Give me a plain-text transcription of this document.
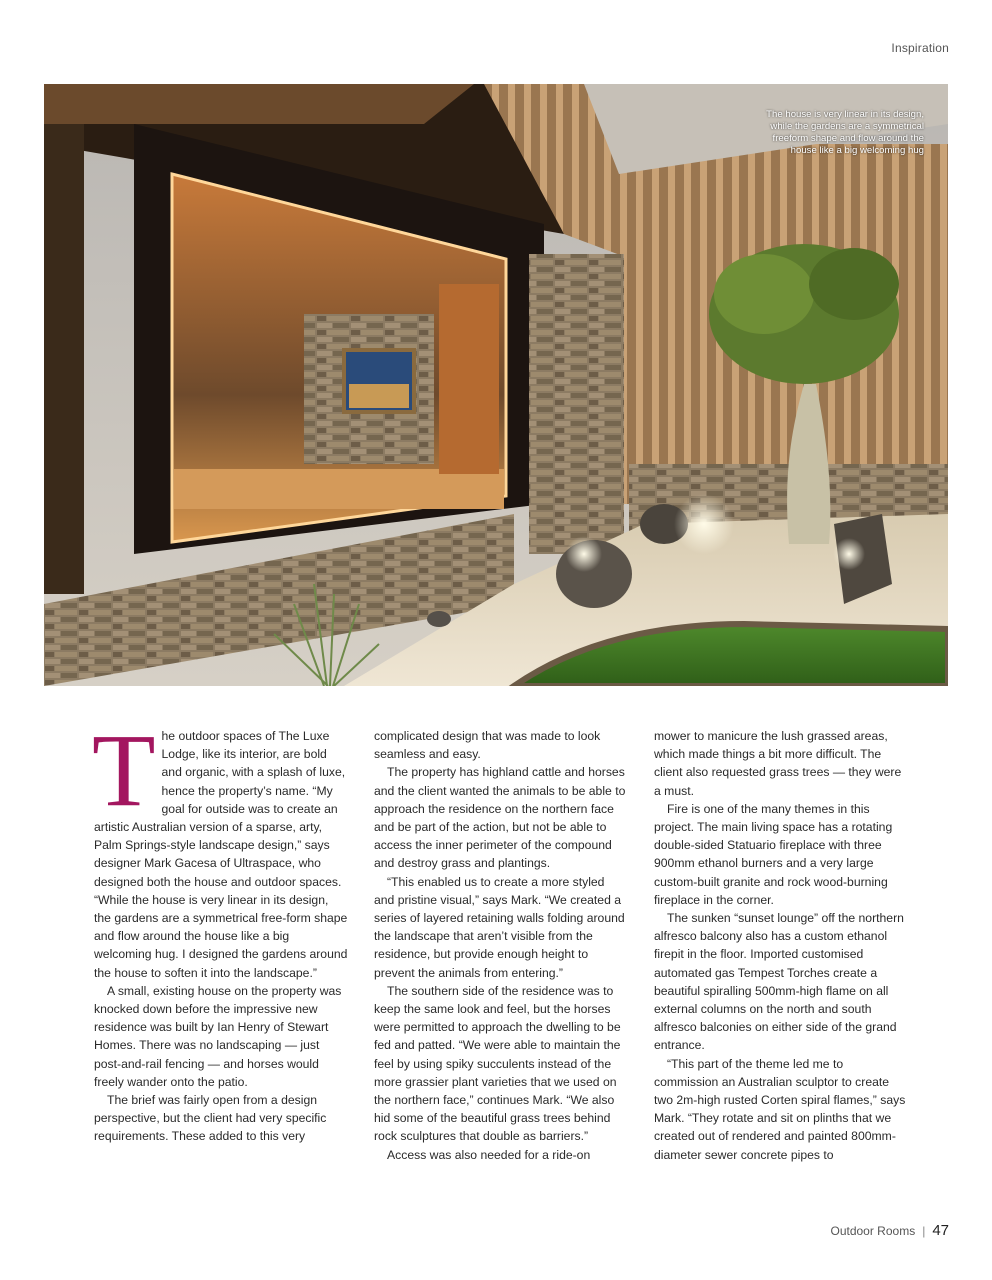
Inspiration
The house is very linear in its design, while the gardens are a symmetrical freeform shape and flow around the house like a big welcoming hug

The outdoor spaces of The Luxe Lodge, like its interior, are bold and organic, with a splash of luxe, hence the property’s name. “My goal for outside was to create an artistic Australian version of a sparse, arty, Palm Springs-style landscape design,” says designer Mark Gacesa of Ultraspace, who designed both the house and outdoor spaces. “While the house is very linear in its design, the gardens are a symmetrical free-form shape and flow around the house like a big welcoming hug. I designed the gardens around the house to soften it into the landscape.”

A small, existing house on the property was knocked down before the impressive new residence was built by Ian Henry of Stewart Homes. There was no landscaping — just post-and-rail fencing — and horses would freely wander onto the patio.

The brief was fairly open from a design perspective, but the client had very specific requirements. These added to this very

complicated design that was made to look seamless and easy.

The property has highland cattle and horses and the client wanted the animals to be able to approach the residence on the northern face and be part of the action, but not be able to access the inner perimeter of the compound and destroy grass and plantings.

“This enabled us to create a more styled and pristine visual,” says Mark. “We created a series of layered retaining walls folding around the landscape that aren’t visible from the residence, but provide enough height to prevent the animals from entering.”

The southern side of the residence was to keep the same look and feel, but the horses were permitted to approach the dwelling to be fed and patted. “We were able to maintain the feel by using spiky succulents instead of the more grassier plant varieties that we used on the northern face,” continues Mark. “We also hid some of the beautiful grass trees behind rock sculptures that double as barriers.”

Access was also needed for a ride-on

mower to manicure the lush grassed areas, which made things a bit more difficult. The client also requested grass trees — they were a must.

Fire is one of the many themes in this project. The main living space has a rotating double-sided Statuario fireplace with three 900mm ethanol burners and a very large custom-built granite and rock wood-burning fireplace in the corner.

The sunken “sunset lounge” off the northern alfresco balcony also has a custom ethanol firepit in the floor. Imported customised automated gas Tempest Torches create a beautiful spiralling 500mm-high flame on all external columns on the north and south alfresco balconies on either side of the grand entrance.

“This part of the theme led me to commission an Australian sculptor to create two 2m-high rusted Corten spiral flames,” says Mark. “They rotate and sit on plinths that we created out of rendered and painted 800mm-diameter sewer concrete pipes to

Outdoor Rooms | 47
